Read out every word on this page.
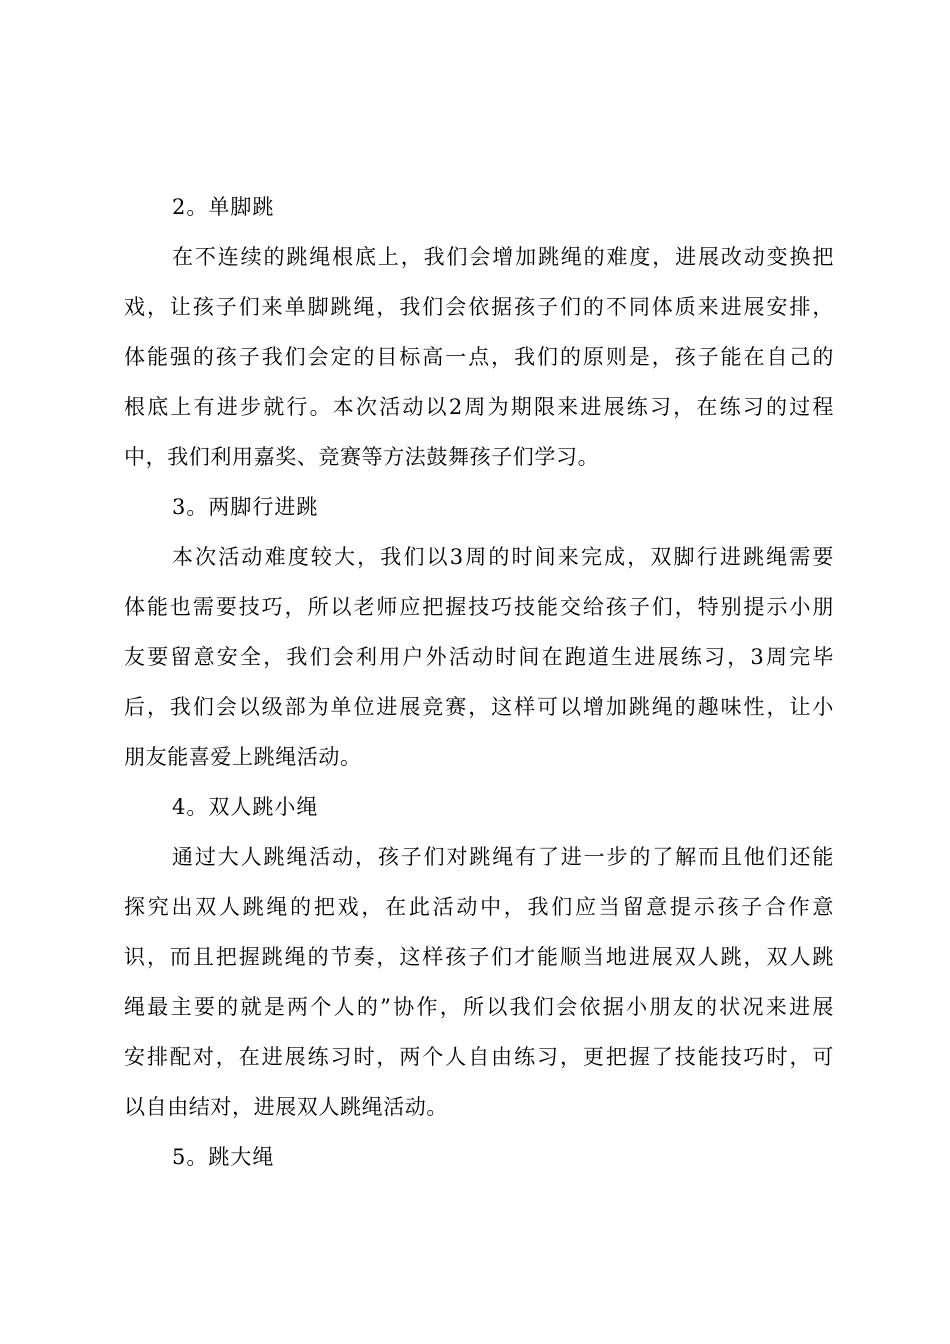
2。单脚跳
在不连续的跳绳根底上，我们会增加跳绳的难度，进展改动变换把
戏，让孩子们来单脚跳绳，我们会依据孩子们的不同体质来进展安排，
体能强的孩子我们会定的目标高一点，我们的原则是，孩子能在自己的
根底上有进步就行。本次活动以2周为期限来进展练习，在练习的过程
中，我们利用嘉奖、竞赛等方法鼓舞孩子们学习。
3。两脚行进跳
本次活动难度较大，我们以3周的时间来完成，双脚行进跳绳需要
体能也需要技巧，所以老师应把握技巧技能交给孩子们，特别提示小朋
友要留意安全，我们会利用户外活动时间在跑道生进展练习，3周完毕
后，我们会以级部为单位进展竞赛，这样可以增加跳绳的趣味性，让小
朋友能喜爱上跳绳活动。
4。双人跳小绳
通过大人跳绳活动，孩子们对跳绳有了进一步的了解而且他们还能
探究出双人跳绳的把戏，在此活动中，我们应当留意提示孩子合作意
识，而且把握跳绳的节奏，这样孩子们才能顺当地进展双人跳，双人跳
绳最主要的就是两个人的”协作，所以我们会依据小朋友的状况来进展
安排配对，在进展练习时，两个人自由练习，更把握了技能技巧时，可
以自由结对，进展双人跳绳活动。
5。跳大绳
